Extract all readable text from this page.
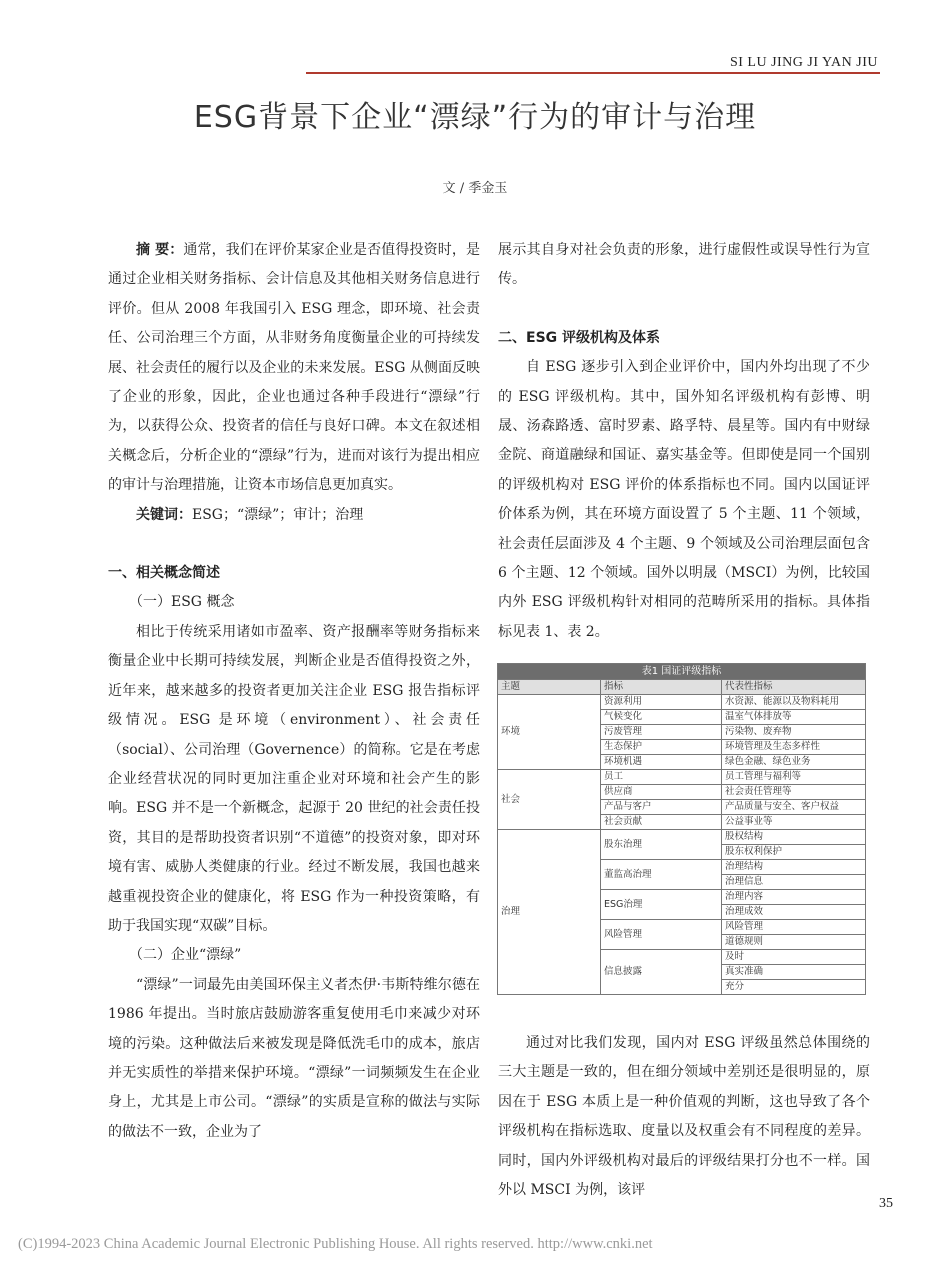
SI LU JING JI YAN JIU
ESG背景下企业“漂绿”行为的审计与治理
文 / 季金玉

摘 要：通常，我们在评价某家企业是否值得投资时，是通过企业相关财务指标、会计信息及其他相关财务信息进行评价。但从 2008 年我国引入 ESG 理念，即环境、社会责任、公司治理三个方面，从非财务角度衡量企业的可持续发展、社会责任的履行以及企业的未来发展。ESG 从侧面反映了企业的形象，因此，企业也通过各种手段进行“漂绿”行为，以获得公众、投资者的信任与良好口碑。本文在叙述相关概念后，分析企业的“漂绿”行为，进而对该行为提出相应的审计与治理措施，让资本市场信息更加真实。

关键词：ESG；“漂绿”；审计；治理

一、相关概念简述

（一）ESG 概念

相比于传统采用诸如市盈率、资产报酬率等财务指标来衡量企业中长期可持续发展，判断企业是否值得投资之外，近年来，越来越多的投资者更加关注企业 ESG 报告指标评级情况。ESG 是环境（environment）、社会责任（social）、公司治理（Governence）的简称。它是在考虑企业经营状况的同时更加注重企业对环境和社会产生的影响。ESG 并不是一个新概念，起源于 20 世纪的社会责任投资，其目的是帮助投资者识别“不道德”的投资对象，即对环境有害、威胁人类健康的行业。经过不断发展，我国也越来越重视投资企业的健康化，将 ESG 作为一种投资策略，有助于我国实现“双碳”目标。

（二）企业“漂绿”

“漂绿”一词最先由美国环保主义者杰伊·韦斯特维尔德在 1986 年提出。当时旅店鼓励游客重复使用毛巾来减少对环境的污染。这种做法后来被发现是降低洗毛巾的成本，旅店并无实质性的举措来保护环境。“漂绿”一词频频发生在企业身上，尤其是上市公司。“漂绿”的实质是宣称的做法与实际的做法不一致，企业为了

展示其自身对社会负责的形象，进行虚假性或误导性行为宣传。

二、ESG 评级机构及体系

自 ESG 逐步引入到企业评价中，国内外均出现了不少的 ESG 评级机构。其中，国外知名评级机构有彭博、明晟、汤森路透、富时罗素、路孚特、晨星等。国内有中财绿金院、商道融绿和国证、嘉实基金等。但即使是同一个国别的评级机构对 ESG 评价的体系指标也不同。国内以国证评价体系为例，其在环境方面设置了 5 个主题、11 个领域，社会责任层面涉及 4 个主题、9 个领域及公司治理层面包含 6 个主题、12 个领域。国外以明晟（MSCI）为例，比较国内外 ESG 评级机构针对相同的范畴所采用的指标。具体指标见表 1、表 2。

表1 国证评级指标		
主题	指标	代表性指标
环境	资源利用	水资源、能源以及物料耗用
	气候变化	温室气体排放等
	污废管理	污染物、废弃物
	生态保护	环境管理及生态多样性
	环境机遇	绿色金融、绿色业务
社会	员工	员工管理与福利等
	供应商	社会责任管理等
	产品与客户	产品质量与安全、客户权益
	社会贡献	公益事业等
治理	股东治理	股权结构
		股东权利保护
	董监高治理	治理结构
		治理信息
	ESG治理	治理内容
		治理成效
	风险管理	风险管理
		道德规则
	信息披露	及时
		真实准确
		充分

通过对比我们发现，国内对 ESG 评级虽然总体围绕的三大主题是一致的，但在细分领域中差别还是很明显的，原因在于 ESG 本质上是一种价值观的判断，这也导致了各个评级机构在指标选取、度量以及权重会有不同程度的差异。同时，国内外评级机构对最后的评级结果打分也不一样。国外以 MSCI 为例，该评

35
(C)1994-2023 China Academic Journal Electronic Publishing House. All rights reserved. http://www.cnki.net
